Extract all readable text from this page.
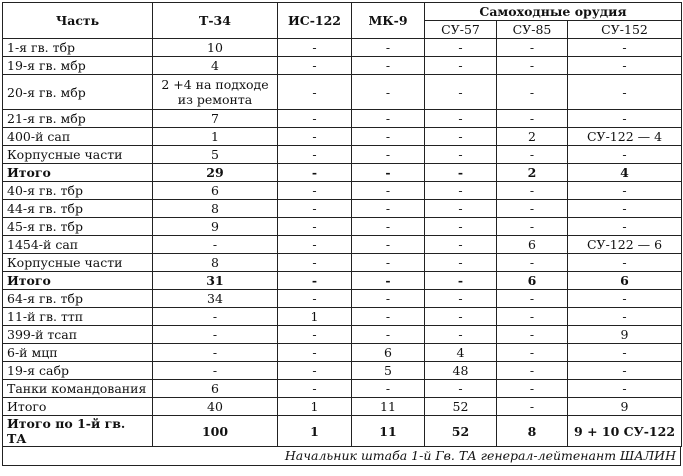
Часть	Т-34	ИС-122	МК-9	Самоходные орудия		
				СУ-57	СУ-85	СУ-152
1-я гв. тбр	10	-	-	-	-	-
19-я гв. мбр	4	-	-	-	-	-
20-я гв. мбр	2 +4 на подходе из ремонта	-	-	-	-	-
21-я гв. мбр	7	-	-	-	-	-
400-й сап	1	-	-	-	2	СУ-122 — 4
Корпусные части	5	-	-	-	-	-
Итого	29	-	-	-	2	4
40-я гв. тбр	6	-	-	-	-	-
44-я гв. тбр	8	-	-	-	-	-
45-я гв. тбр	9	-	-	-	-	-
1454-й сап	-	-	-	-	6	СУ-122 — 6
Корпусные части	8	-	-	-	-	-
Итого	31	-	-	-	6	6
64-я гв. тбр	34	-	-	-	-	-
11-й гв. ттп	-	1	-	-	-	-
399-й тсап	-	-	-	-	-	9
6-й мцп	-	-	6	4	-	-
19-я сабр	-	-	5	48	-	-
Танки командования	6	-	-	-	-	-
Итого	40	1	11	52	-	9
Итого по 1-й гв. ТА	100	1	11	52	8	9 + 10 СУ-122
Начальник штаба 1-й Гв. ТА генерал-лейтенант ШАЛИН
